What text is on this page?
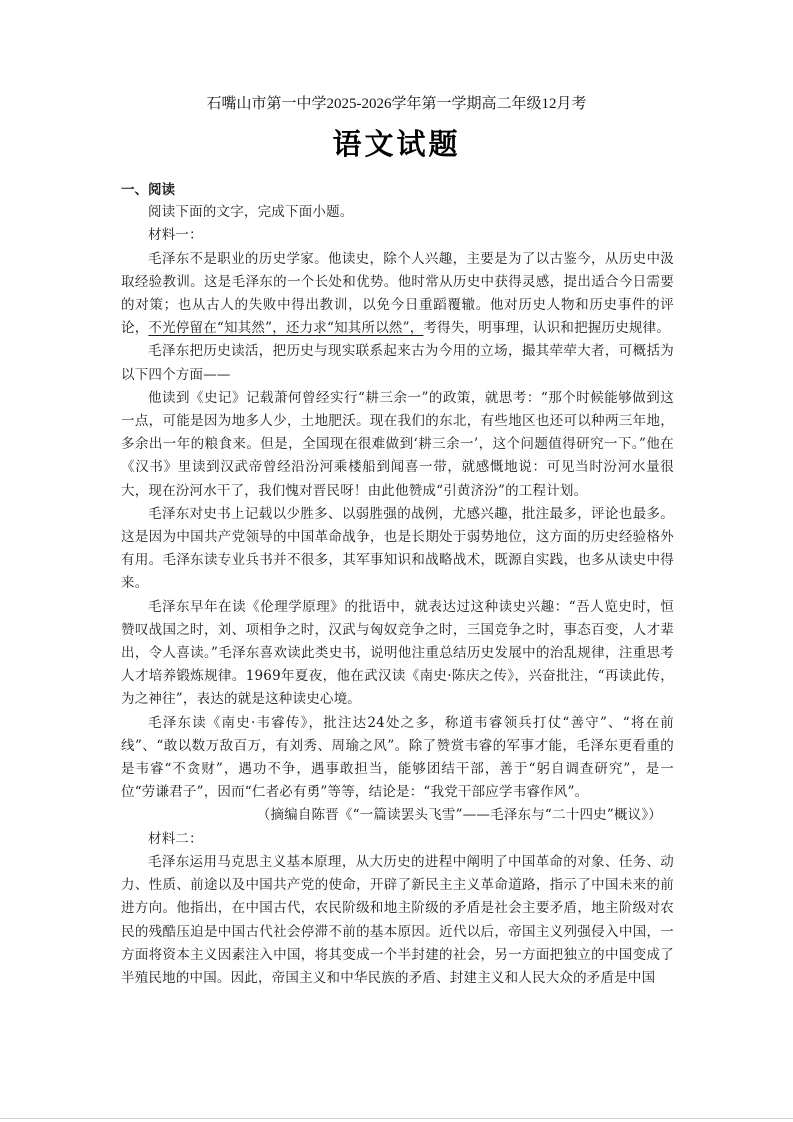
石嘴山市第一中学2025-2026学年第一学期高二年级12月考
语文试题

一、阅读

阅读下面的文字，完成下面小题。

材料一：

毛泽东不是职业的历史学家。他读史，除个人兴趣，主要是为了以古鉴今，从历史中汲取经验教训。这是毛泽东的一个长处和优势。他时常从历史中获得灵感，提出适合今日需要的对策；也从古人的失败中得出教训，以免今日重蹈覆辙。他对历史人物和历史事件的评论，不光停留在“知其然”，还力求“知其所以然”，考得失，明事理，认识和把握历史规律。

毛泽东把历史读活，把历史与现实联系起来古为今用的立场，撮其荦荦大者，可概括为以下四个方面——

他读到《史记》记载萧何曾经实行“耕三余一”的政策，就思考：“那个时候能够做到这一点，可能是因为地多人少，土地肥沃。现在我们的东北，有些地区也还可以种两三年地，多余出一年的粮食来。但是，全国现在很难做到‘耕三余一’，这个问题值得研究一下。”他在《汉书》里读到汉武帝曾经沿汾河乘楼船到闻喜一带，就感慨地说：可见当时汾河水量很大，现在汾河水干了，我们愧对晋民呀！由此他赞成“引黄济汾”的工程计划。

毛泽东对史书上记载以少胜多、以弱胜强的战例，尤感兴趣，批注最多，评论也最多。这是因为中国共产党领导的中国革命战争，也是长期处于弱势地位，这方面的历史经验格外有用。毛泽东读专业兵书并不很多，其军事知识和战略战术，既源自实践，也多从读史中得来。

毛泽东早年在读《伦理学原理》的批语中，就表达过这种读史兴趣：“吾人览史时，恒赞叹战国之时，刘、项相争之时，汉武与匈奴竞争之时，三国竞争之时，事态百变，人才辈出，令人喜读。”毛泽东喜欢读此类史书，说明他注重总结历史发展中的治乱规律，注重思考人才培养锻炼规律。1969年夏夜，他在武汉读《南史·陈庆之传》，兴奋批注，“再读此传，为之神往”，表达的就是这种读史心境。

毛泽东读《南史·韦睿传》，批注达24处之多，称道韦睿领兵打仗“善守”、“将在前线”、“敢以数万敌百万，有刘秀、周瑜之风”。除了赞赏韦睿的军事才能，毛泽东更看重的是韦睿“不贪财”，遇功不争，遇事敢担当，能够团结干部，善于“躬自调查研究”，是一位“劳谦君子”，因而“仁者必有勇”等等，结论是：“我党干部应学韦睿作风”。

（摘编自陈晋《“一篇读罢头飞雪”——毛泽东与“二十四史”概议》）

材料二：

毛泽东运用马克思主义基本原理，从大历史的进程中阐明了中国革命的对象、任务、动力、性质、前途以及中国共产党的使命，开辟了新民主主义革命道路，指示了中国未来的前进方向。他指出，在中国古代，农民阶级和地主阶级的矛盾是社会主要矛盾，地主阶级对农民的残酷压迫是中国古代社会停滞不前的基本原因。近代以后，帝国主义列强侵入中国，一方面将资本主义因素注入中国，将其变成一个半封建的社会，另一方面把独立的中国变成了半殖民地的中国。因此，帝国主义和中华民族的矛盾、封建主义和人民大众的矛盾是中国
